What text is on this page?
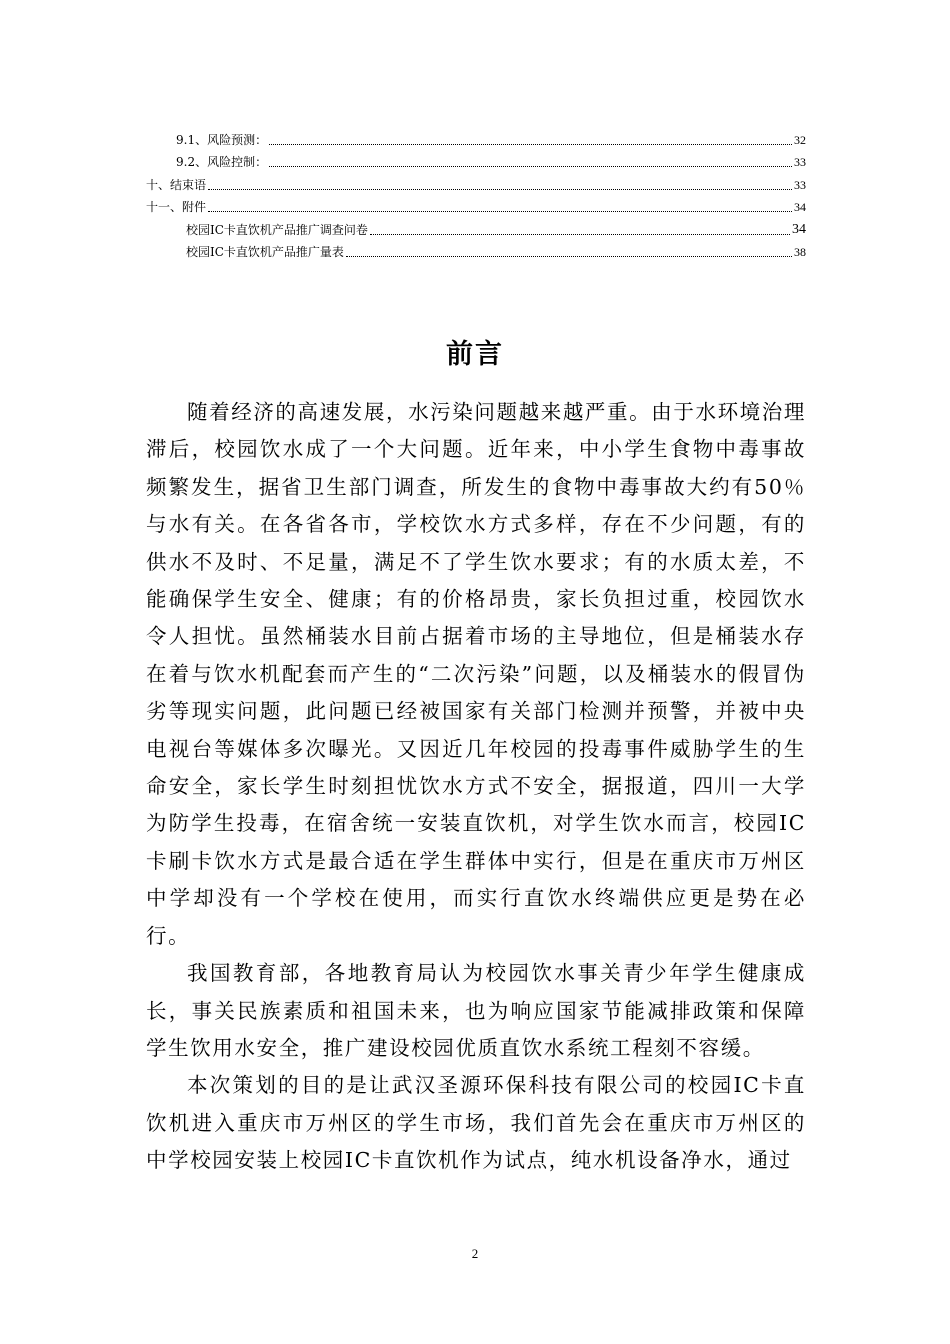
9.1、风险预测：	32
9.2、风险控制：	33
十、结束语	33
十一、附件	34
校园IC卡直饮机产品推广调查问卷	34
校园IC卡直饮机产品推广量表	38
前言

随着经济的高速发展，水污染问题越来越严重。由于水环境治理滞后，校园饮水成了一个大问题。近年来，中小学生食物中毒事故频繁发生，据省卫生部门调查，所发生的食物中毒事故大约有50％与水有关。在各省各市，学校饮水方式多样，存在不少问题，有的供水不及时、不足量，满足不了学生饮水要求；有的水质太差，不能确保学生安全、健康；有的价格昂贵，家长负担过重，校园饮水令人担忧。虽然桶装水目前占据着市场的主导地位，但是桶装水存在着与饮水机配套而产生的“二次污染”问题，以及桶装水的假冒伪劣等现实问题，此问题已经被国家有关部门检测并预警，并被中央电视台等媒体多次曝光。又因近几年校园的投毒事件威胁学生的生命安全，家长学生时刻担忧饮水方式不安全，据报道，四川一大学为防学生投毒，在宿舍统一安装直饮机，对学生饮水而言，校园IC卡刷卡饮水方式是最合适在学生群体中实行，但是在重庆市万州区中学却没有一个学校在使用，而实行直饮水终端供应更是势在必行。

我国教育部，各地教育局认为校园饮水事关青少年学生健康成长，事关民族素质和祖国未来，也为响应国家节能减排政策和保障学生饮用水安全，推广建设校园优质直饮水系统工程刻不容缓。

本次策划的目的是让武汉圣源环保科技有限公司的校园IC卡直饮机进入重庆市万州区的学生市场，我们首先会在重庆市万州区的中学校园安装上校园IC卡直饮机作为试点，纯水机设备净水，通过

2
